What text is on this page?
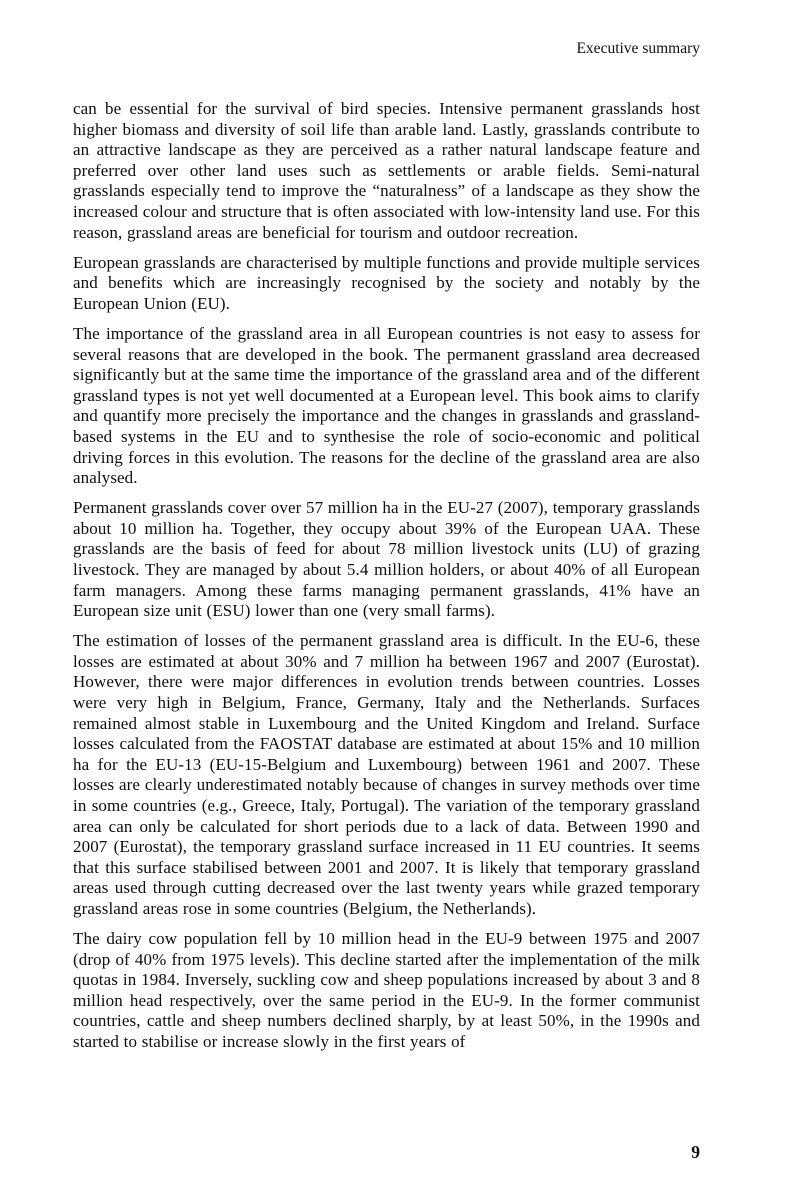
Executive summary

can be essential for the survival of bird species. Intensive permanent grasslands host higher biomass and diversity of soil life than arable land. Lastly, grasslands contribute to an attractive landscape as they are perceived as a rather natural landscape feature and preferred over other land uses such as settlements or arable fields. Semi-natural grasslands especially tend to improve the “naturalness” of a landscape as they show the increased colour and structure that is often associated with low-intensity land use. For this reason, grassland areas are beneficial for tourism and outdoor recreation.

European grasslands are characterised by multiple functions and provide multiple services and benefits which are increasingly recognised by the society and notably by the European Union (EU).

The importance of the grassland area in all European countries is not easy to assess for several reasons that are developed in the book. The permanent grassland area decreased significantly but at the same time the importance of the grassland area and of the different grassland types is not yet well documented at a European level. This book aims to clarify and quantify more precisely the importance and the changes in grasslands and grassland-based systems in the EU and to synthesise the role of socio-economic and political driving forces in this evolution. The reasons for the decline of the grassland area are also analysed.

Permanent grasslands cover over 57 million ha in the EU-27 (2007), temporary grasslands about 10 million ha. Together, they occupy about 39% of the European UAA. These grasslands are the basis of feed for about 78 million livestock units (LU) of grazing livestock. They are managed by about 5.4 million holders, or about 40% of all European farm managers. Among these farms managing permanent grasslands, 41% have an European size unit (ESU) lower than one (very small farms).

The estimation of losses of the permanent grassland area is difficult. In the EU-6, these losses are estimated at about 30% and 7 million ha between 1967 and 2007 (Eurostat). However, there were major differences in evolution trends between countries. Losses were very high in Belgium, France, Germany, Italy and the Netherlands. Surfaces remained almost stable in Luxembourg and the United Kingdom and Ireland. Surface losses calculated from the FAOSTAT database are estimated at about 15% and 10 million ha for the EU-13 (EU-15-Belgium and Luxembourg) between 1961 and 2007. These losses are clearly underestimated notably because of changes in survey methods over time in some countries (e.g., Greece, Italy, Portugal). The variation of the temporary grassland area can only be calculated for short periods due to a lack of data. Between 1990 and 2007 (Eurostat), the temporary grassland surface increased in 11 EU countries. It seems that this surface stabilised between 2001 and 2007. It is likely that temporary grassland areas used through cutting decreased over the last twenty years while grazed temporary grassland areas rose in some countries (Belgium, the Netherlands).

The dairy cow population fell by 10 million head in the EU-9 between 1975 and 2007 (drop of 40% from 1975 levels). This decline started after the implementation of the milk quotas in 1984. Inversely, suckling cow and sheep populations increased by about 3 and 8 million head respectively, over the same period in the EU-9. In the former communist countries, cattle and sheep numbers declined sharply, by at least 50%, in the 1990s and started to stabilise or increase slowly in the first years of

9
